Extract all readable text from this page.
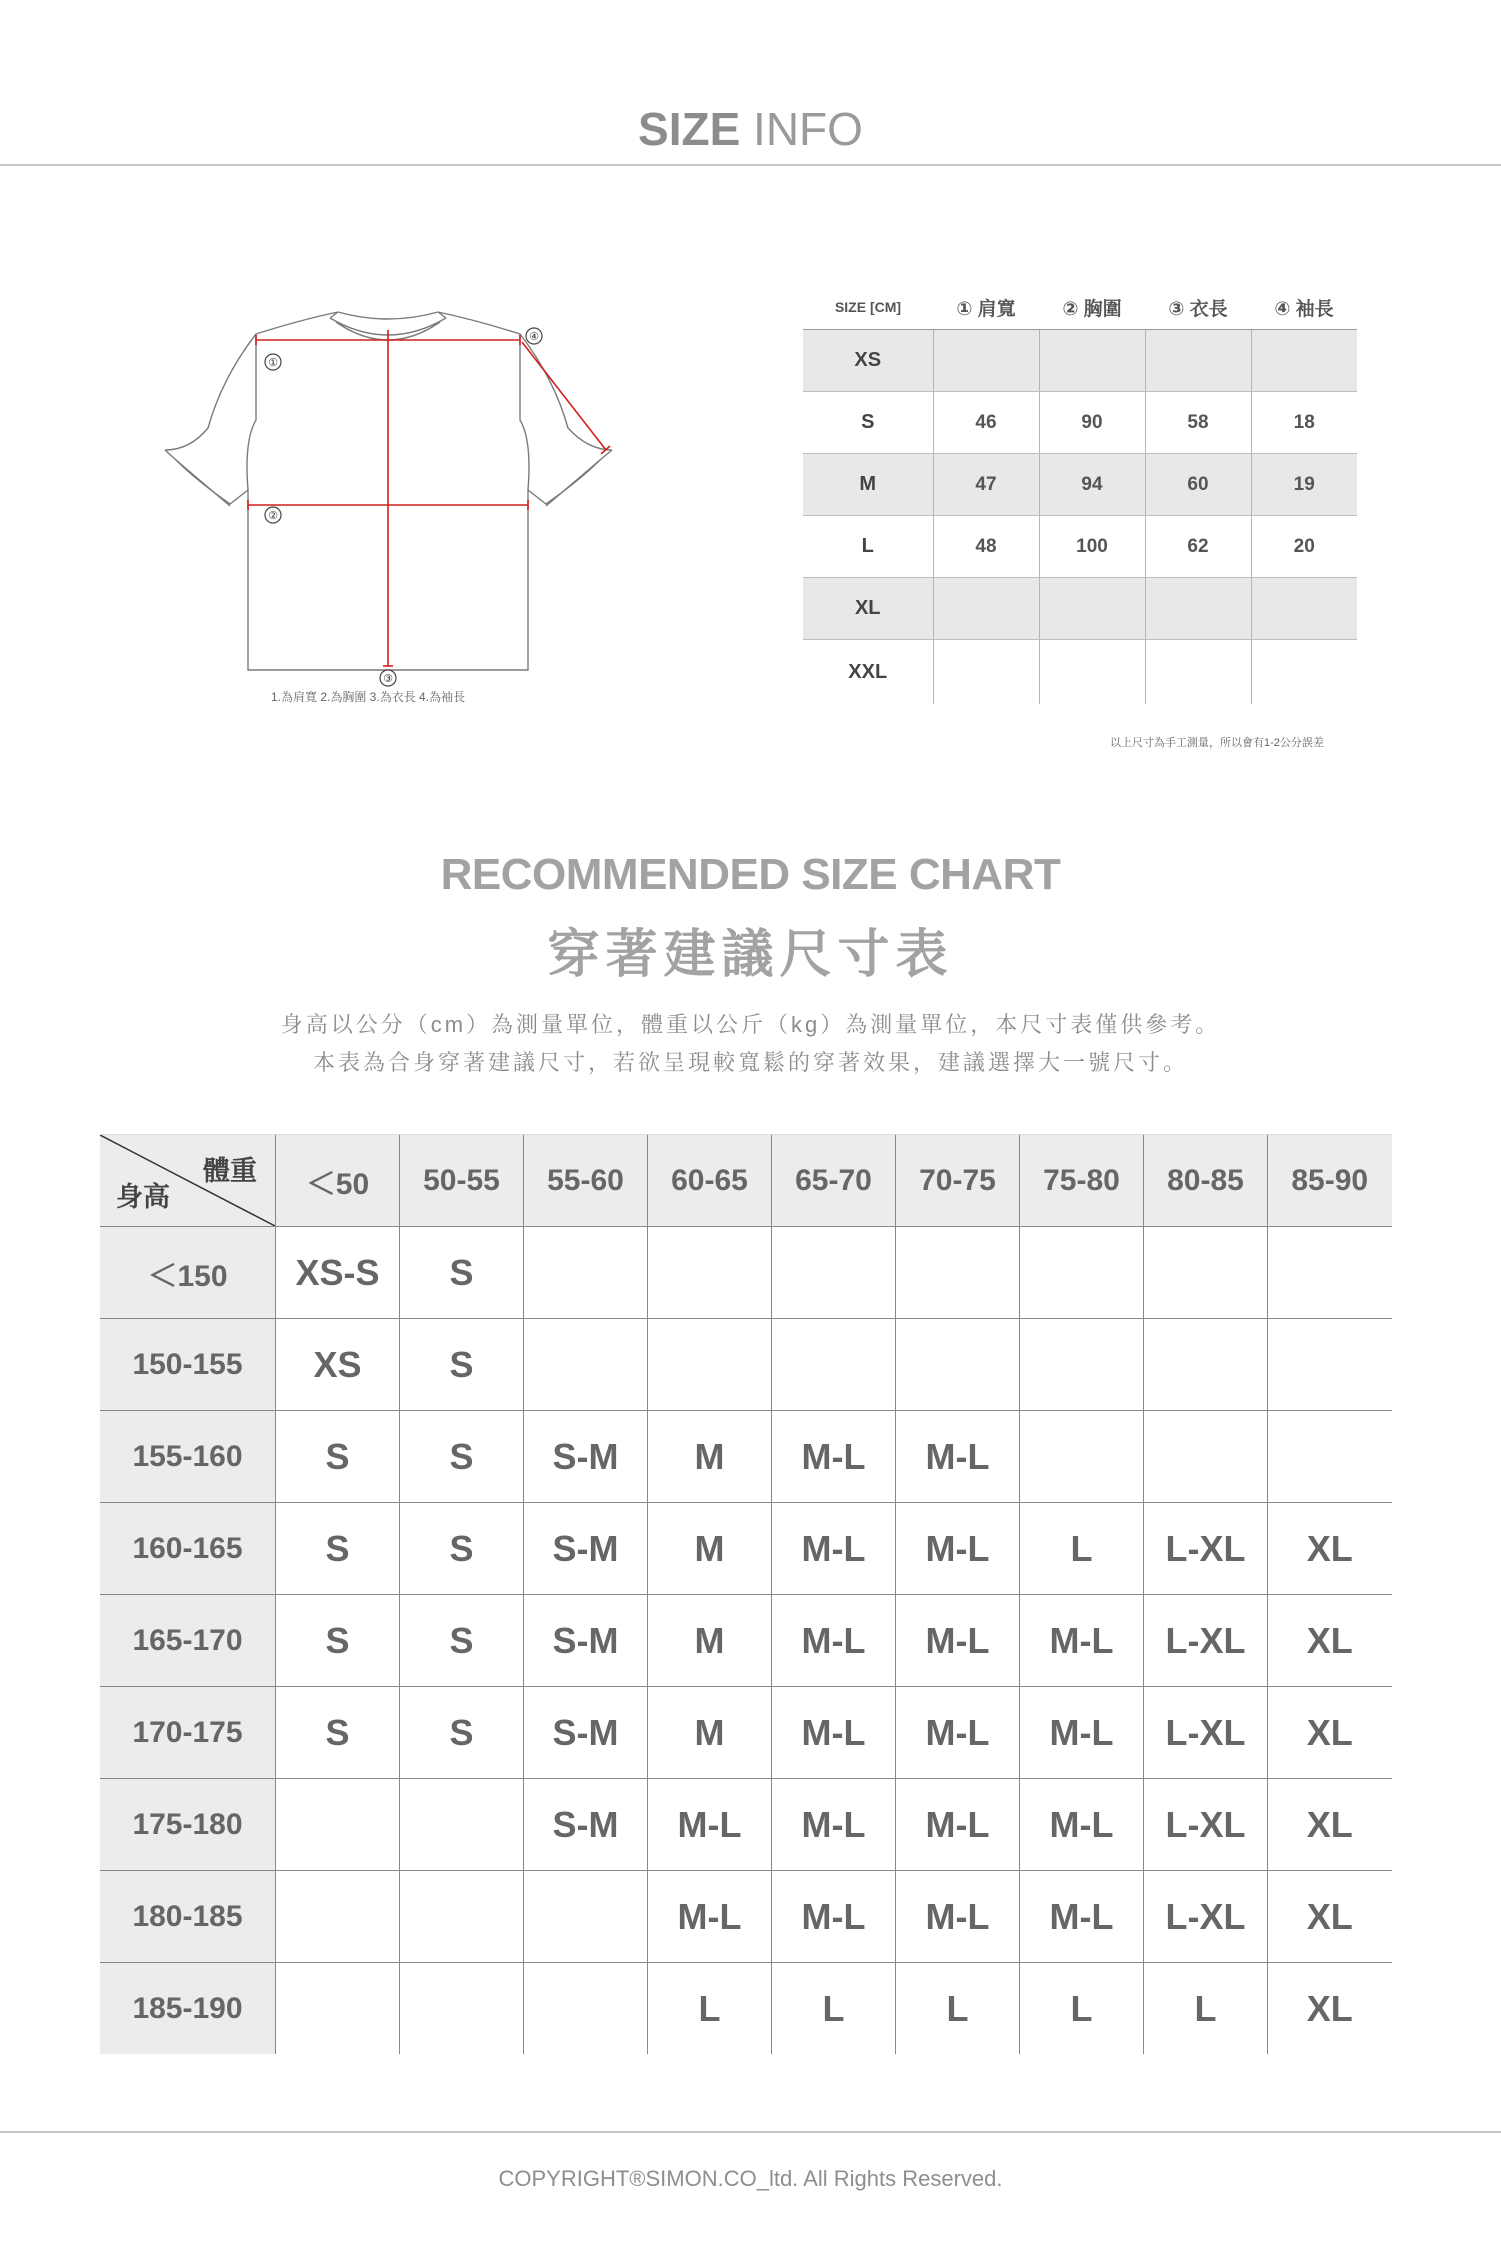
SIZE INFO
①
②
③
④
1.為肩寬 2.為胸圍 3.為衣長 4.為袖長
SIZE [CM]	① 肩寬	② 胸圍	③ 衣長	④ 袖長
XS				
S	46	90	58	18
M	47	94	60	19
L	48	100	62	20
XL				
XXL				
以上尺寸為手工測量，所以會有1-2公分誤差
RECOMMENDED SIZE CHART
穿著建議尺寸表
身高以公分（cm）為測量單位，體重以公斤（kg）為測量單位，本尺寸表僅供參考。
本表為合身穿著建議尺寸，若欲呈現較寬鬆的穿著效果，建議選擇大一號尺寸。
體重
身高	＜50	50-55	55-60	60-65	65-70	70-75	75-80	80-85	85-90
＜150	XS-S	S							
150-155	XS	S							
155-160	S	S	S-M	M	M-L	M-L			
160-165	S	S	S-M	M	M-L	M-L	L	L-XL	XL
165-170	S	S	S-M	M	M-L	M-L	M-L	L-XL	XL
170-175	S	S	S-M	M	M-L	M-L	M-L	L-XL	XL
175-180			S-M	M-L	M-L	M-L	M-L	L-XL	XL
180-185				M-L	M-L	M-L	M-L	L-XL	XL
185-190				L	L	L	L	L	XL
COPYRIGHT®SIMON.CO_ltd. All Rights Reserved.
